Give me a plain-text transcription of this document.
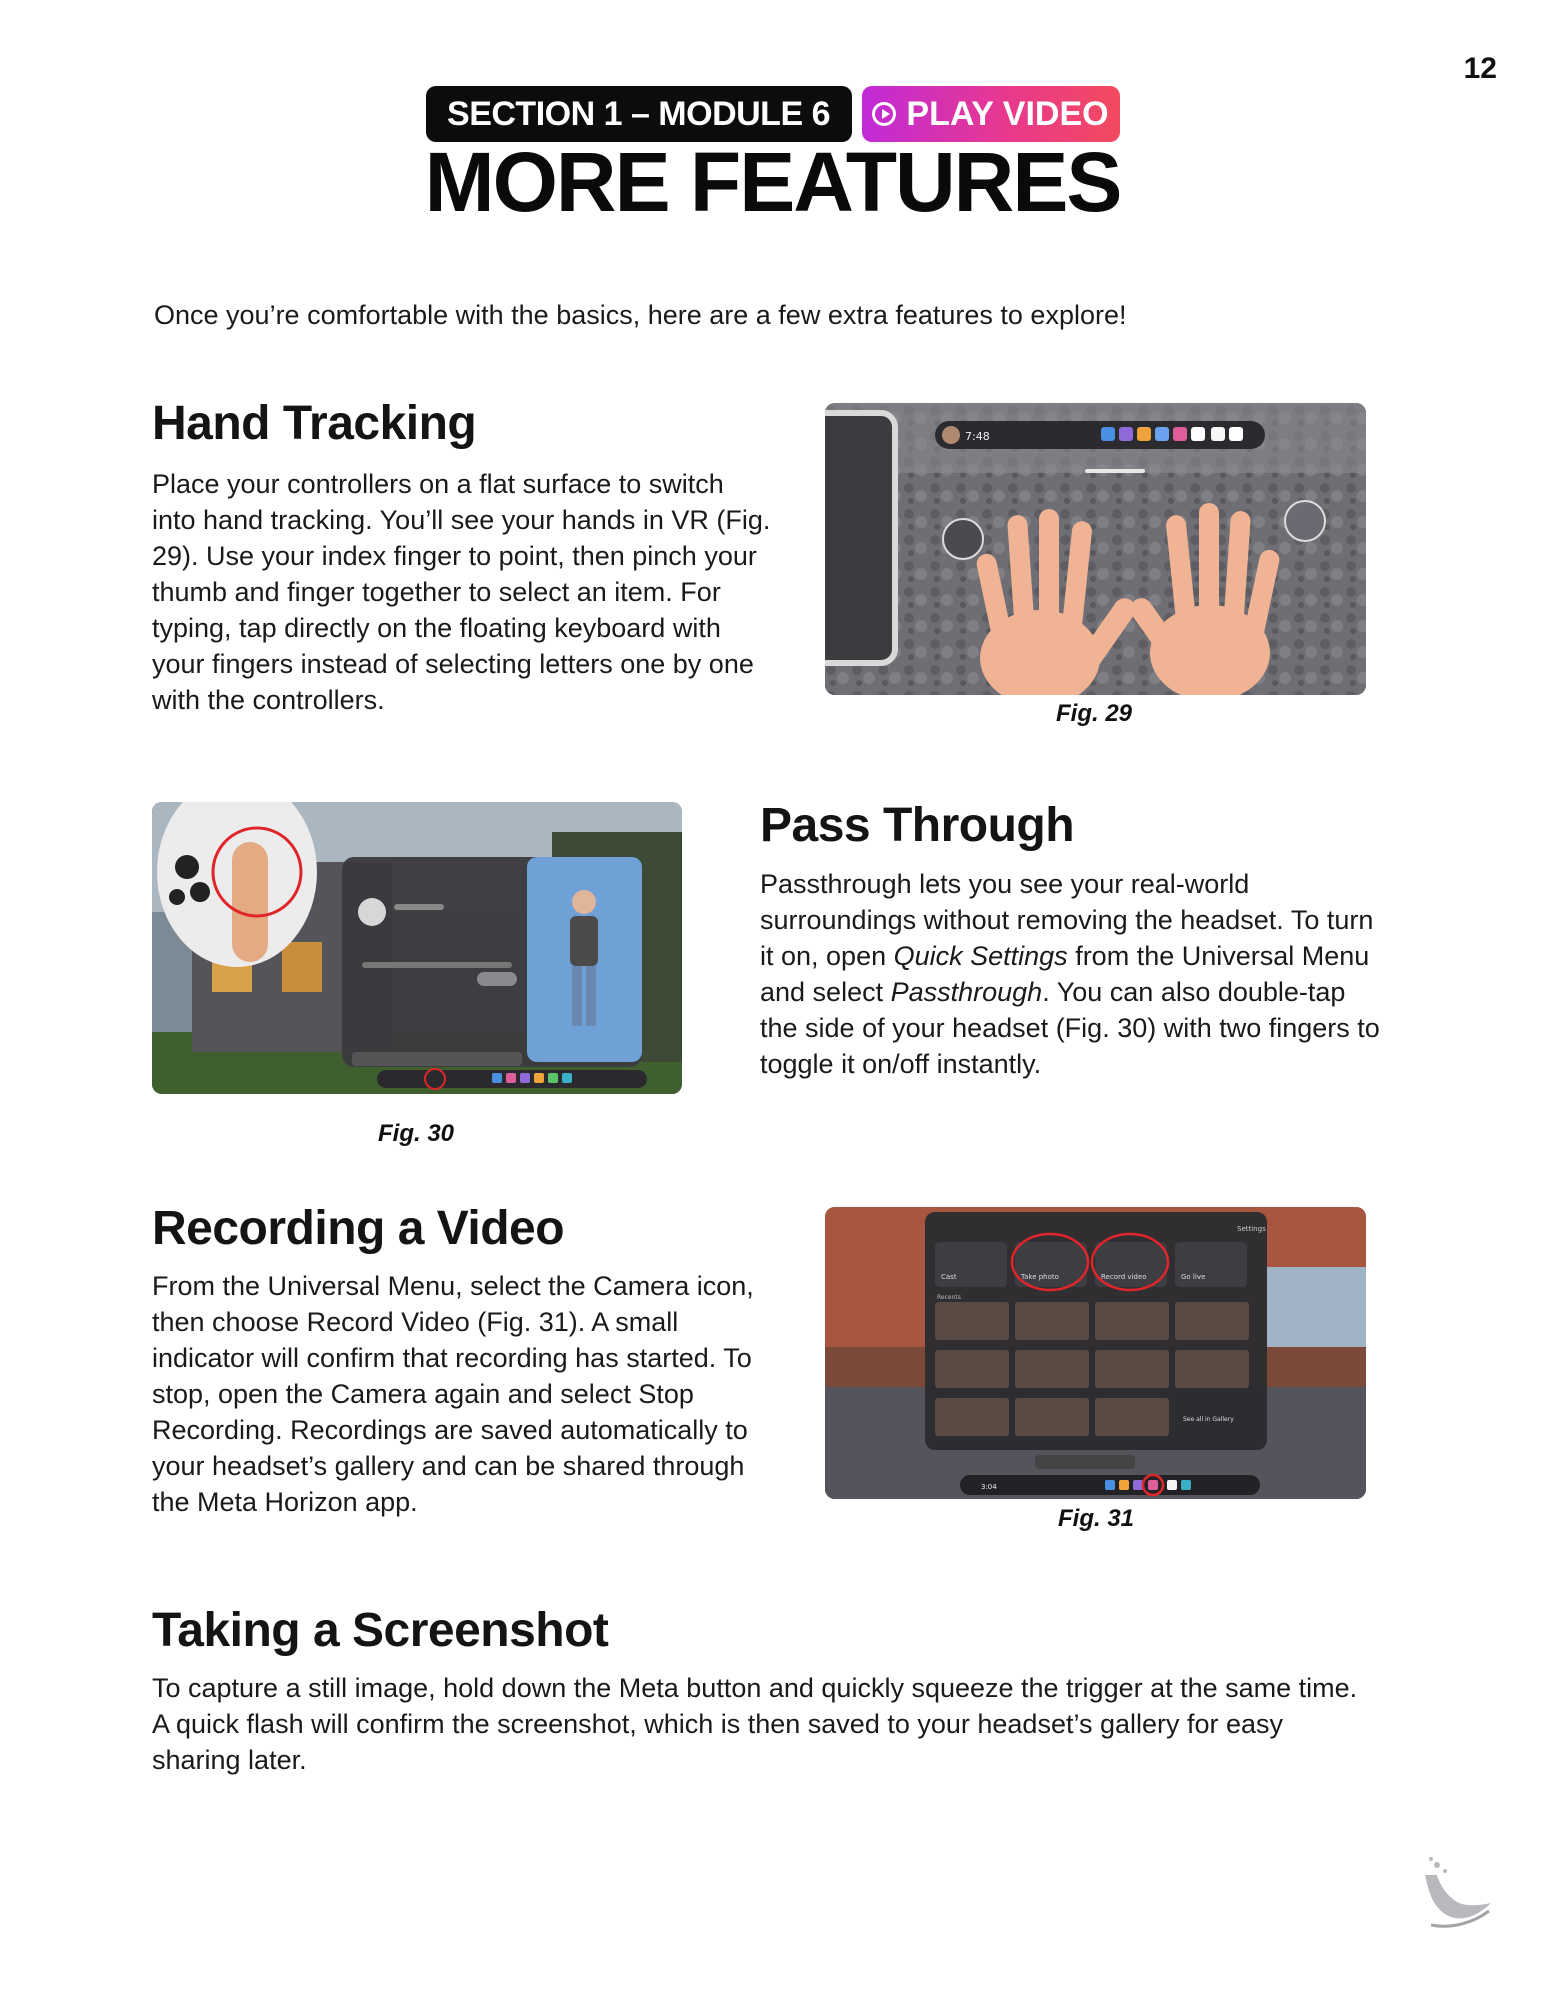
12
SECTION 1 – MODULE 6	PLAY VIDEO
MORE FEATURES

Once you’re comfortable with the basics, here are a few extra features to explore!

Hand Tracking

Place your controllers on a flat surface to switch into hand tracking. You’ll see your hands in VR (Fig. 29). Use your index finger to point, then pinch your thumb and finger together to select an item. For typing, tap directly on the floating keyboard with your fingers instead of selecting letters one by one with the controllers.

7:48

Fig. 29

Fig. 30

Pass Through

Passthrough lets you see your real-world surroundings without removing the headset. To turn it on, open Quick Settings from the Universal Menu and select Passthrough. You can also double-tap the side of your headset (Fig. 30) with two fingers to toggle it on/off instantly.

Recording a Video

From the Universal Menu, select the Camera icon, then choose Record Video (Fig. 31). A small indicator will confirm that recording has started. To stop, open the Camera again and select Stop Recording. Recordings are saved automatically to your headset’s gallery and can be shared through the Meta Horizon app.

Settings
Cast	Take photo	Record video	Go live
Recents
See all in Gallery
3:04

Fig. 31

Taking a Screenshot

To capture a still image, hold down the Meta button and quickly squeeze the trigger at the same time. A quick flash will confirm the screenshot, which is then saved to your headset’s gallery for easy sharing later.
